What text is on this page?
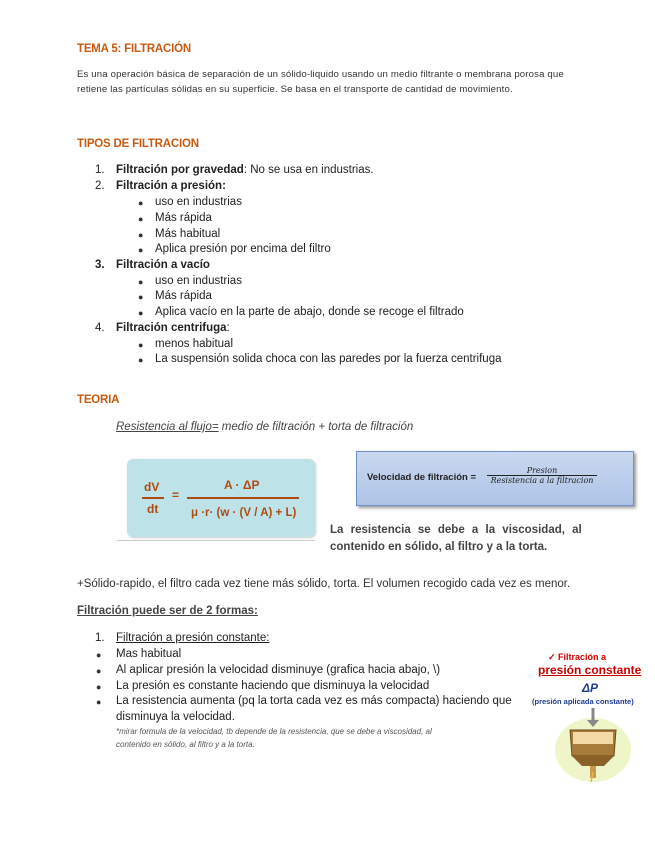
TEMA 5: FILTRACIÓN
Es una operación básica de separación de un sólido-liquido usando un medio filtrante o membrana porosa que retiene las partículas sólidas en su superficie. Se basa en el transporte de cantidad de movimiento.
TIPOS DE FILTRACION
1. Filtración por gravedad: No se usa en industrias.
2. Filtración a presión:
● uso en industrias
● Más rápida
● Más habitual
● Aplica presión por encima del filtro
3. Filtración a vacío
● uso en industrias
● Más rápida
● Aplica vacío en la parte de abajo, donde se recoge el filtrado
4. Filtración centrifuga:
● menos habitual
● La suspensión solida choca con las paredes por la fuerza centrifuga
TEORIA
Resistencia al flujo= medio de filtración + torta de filtración
dV
dt
=
A · ΔP
μ ·r· (w · (V / A) + L)
Velocidad de filtración =
Presion
Resistencia a la filtracion
La resistencia se debe a la viscosidad, al
contenido en sólido, al filtro y a la torta.
+Sólido-rapido, el filtro cada vez tiene más sólido, torta. El volumen recogido cada vez es menor.
Filtración puede ser de 2 formas:
1. Filtración a presión constante:
● Mas habitual
● Al aplicar presión la velocidad disminuye (grafica hacia abajo, \)
● La presión es constante haciendo que disminuya la velocidad
● La resistencia aumenta (pq la torta cada vez es más compacta) haciendo que
disminuya la velocidad.
*mirar formula de la velocidad, tb depende de la resistencia, que se debe a viscosidad, al
contenido en sólido, al filtro y a la torta.
✓ Filtración a
presión constante
ΔP
(presión aplicada constante)
